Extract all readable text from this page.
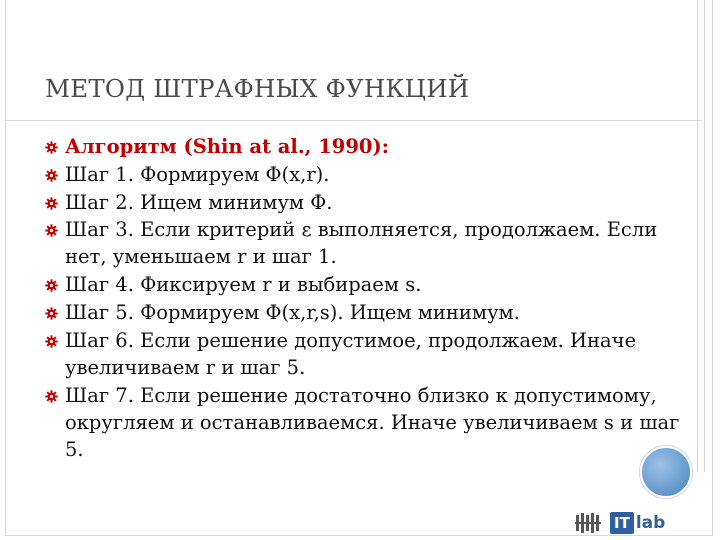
МЕТОД ШТРАФНЫХ ФУНКЦИЙ
Алгоритм (Shin at al., 1990):
Шаг 1. Формируем Φ(x,r).
Шаг 2. Ищем минимум Φ.
Шаг 3. Если критерий ε выполняется, продолжаем. Если нет, уменьшаем r и шаг 1.
Шаг 4. Фиксируем r и выбираем s.
Шаг 5. Формируем Φ(x,r,s). Ищем минимум.
Шаг 6. Если решение допустимое, продолжаем. Иначе увеличиваем r и шаг 5.
Шаг 7. Если решение достаточно близко к допустимому, округляем и останавливаемся. Иначе увеличиваем s и шаг 5.
IT lab
